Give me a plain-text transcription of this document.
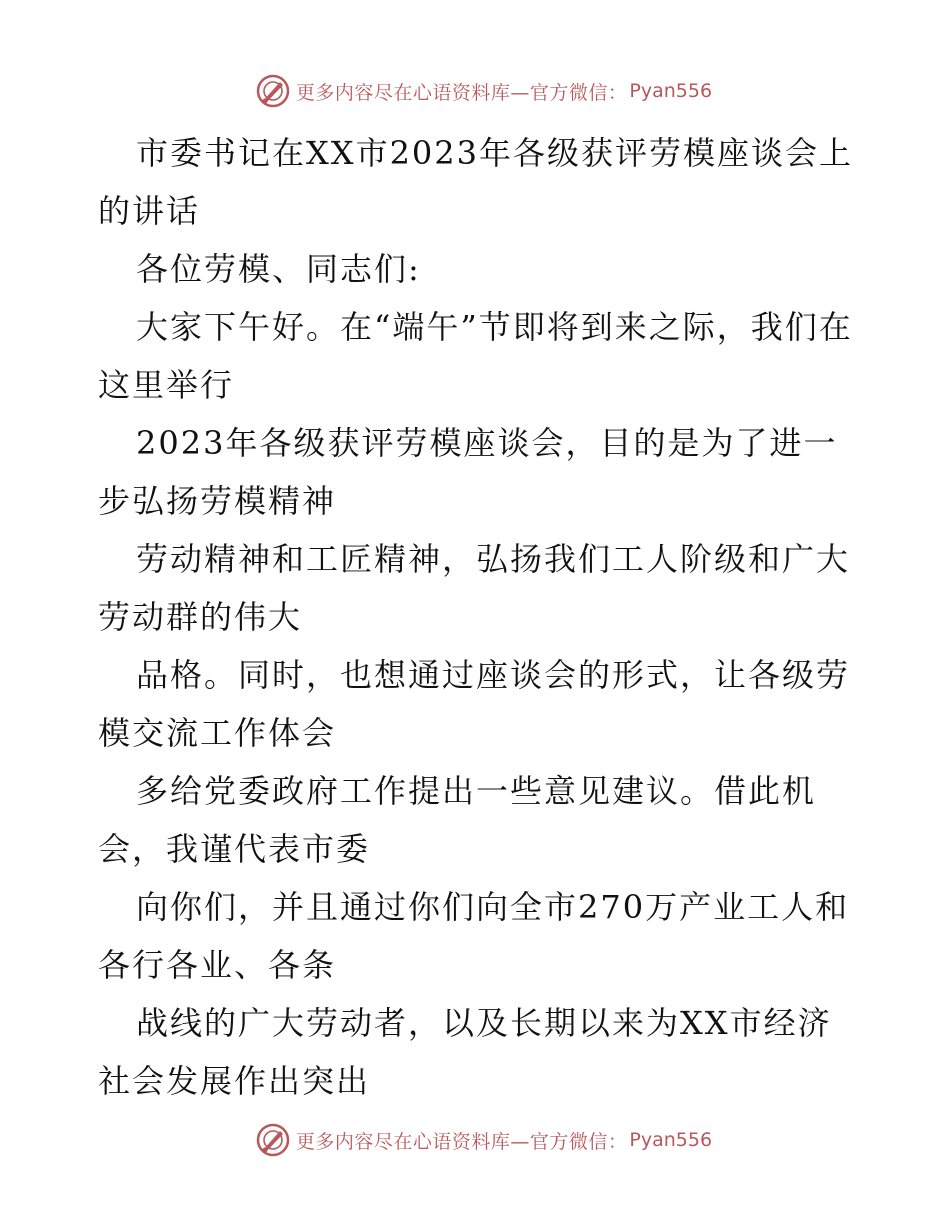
更多内容尽在心语资料库—官方微信： Pyan556

市委书记在XX市2023年各级获评劳模座谈会上的讲话

各位劳模、同志们:

大家下午好。在“端午”节即将到来之际，我们在这里举行

2023年各级获评劳模座谈会，目的是为了进一步弘扬劳模精神

劳动精神和工匠精神，弘扬我们工人阶级和广大劳动群的伟大

品格。同时，也想通过座谈会的形式，让各级劳模交流工作体会

多给党委政府工作提出一些意见建议。借此机会，我谨代表市委

向你们，并且通过你们向全市270万产业工人和各行各业、各条

战线的广大劳动者，以及长期以来为XX市经济社会发展作出突出

更多内容尽在心语资料库—官方微信： Pyan556
